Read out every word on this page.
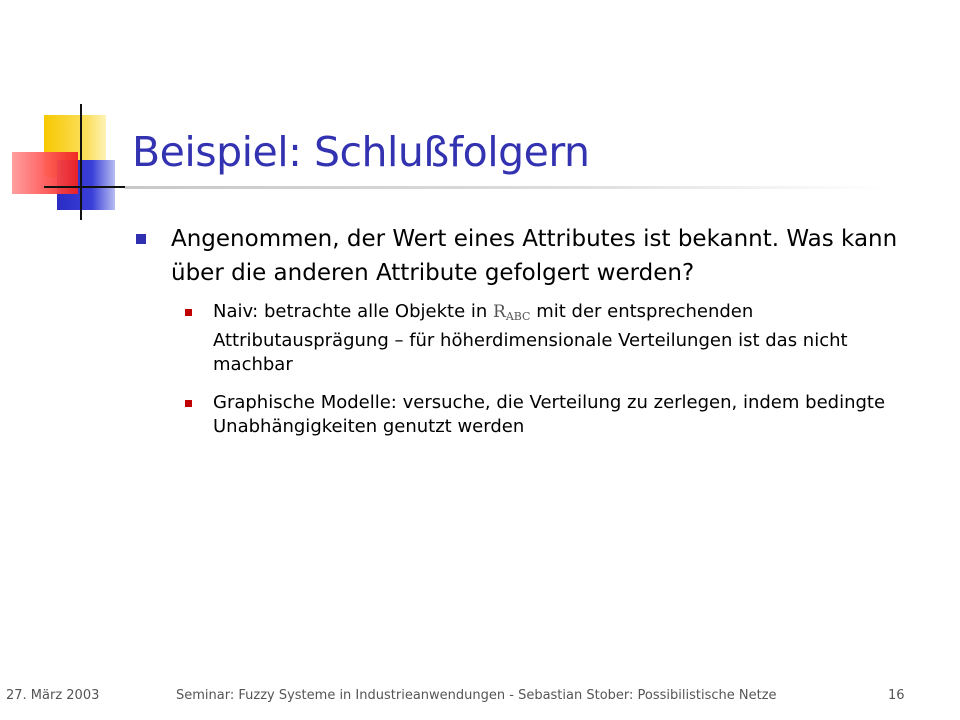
Beispiel: Schlußfolgern
Angenommen, der Wert eines Attributes ist bekannt. Was kann über die anderen Attribute gefolgert werden?
Naiv: betrachte alle Objekte in $R_{ABC}$ mit der entsprechenden Attributausprägung – für höherdimensionale Verteilungen ist das nicht machbar
Graphische Modelle: versuche, die Verteilung zu zerlegen, indem bedingte Unabhängigkeiten genutzt werden
27. März 2003	Seminar: Fuzzy Systeme in Industrieanwendungen - Sebastian Stober: Possibilistische Netze	16
